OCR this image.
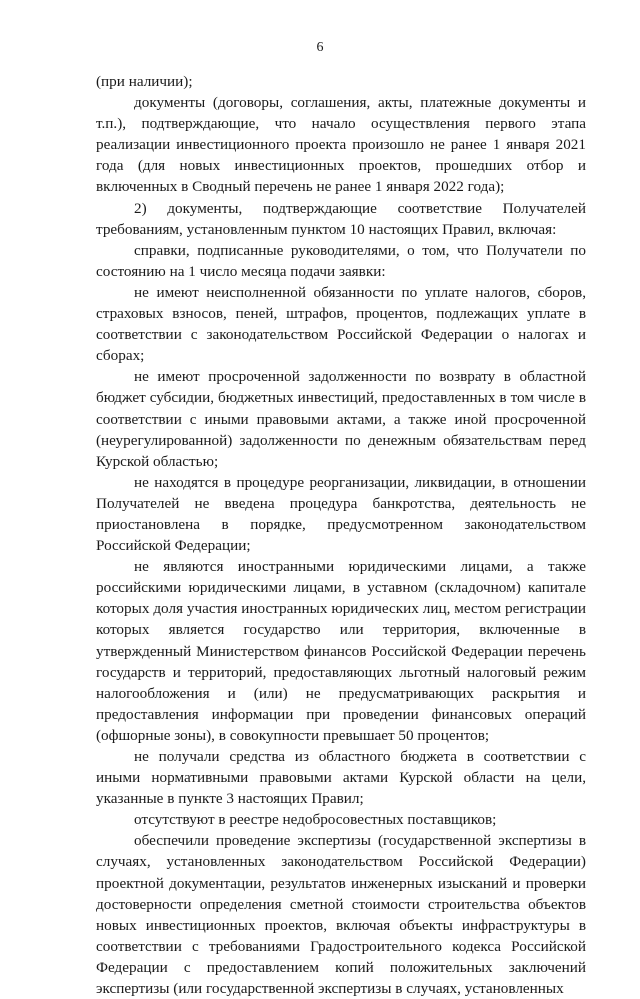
6

(при наличии);

документы (договоры, соглашения, акты, платежные документы и т.п.), подтверждающие, что начало осуществления первого этапа реализации инвестиционного проекта произошло не ранее 1 января 2021 года (для новых инвестиционных проектов, прошедших отбор и включенных в Сводный перечень не ранее 1 января 2022 года);

2) документы, подтверждающие соответствие Получателей требованиям, установленным пунктом 10 настоящих Правил, включая:

справки, подписанные руководителями, о том, что Получатели по состоянию на 1 число месяца подачи заявки:

не имеют неисполненной обязанности по уплате налогов, сборов, страховых взносов, пеней, штрафов, процентов, подлежащих уплате в соответствии с законодательством Российской Федерации о налогах и сборах;

не имеют просроченной задолженности по возврату в областной бюджет субсидии, бюджетных инвестиций, предоставленных в том числе в соответствии с иными правовыми актами, а также иной просроченной (неурегулированной) задолженности по денежным обязательствам перед Курской областью;

не находятся в процедуре реорганизации, ликвидации, в отношении Получателей не введена процедура банкротства, деятельность не приостановлена в порядке, предусмотренном законодательством Российской Федерации;

не являются иностранными юридическими лицами, а также российскими юридическими лицами, в уставном (складочном) капитале которых доля участия иностранных юридических лиц, местом регистрации которых является государство или территория, включенные в утвержденный Министерством финансов Российской Федерации перечень государств и территорий, предоставляющих льготный налоговый режим налогообложения и (или) не предусматривающих раскрытия и предоставления информации при проведении финансовых операций (офшорные зоны), в совокупности превышает 50 процентов;

не получали средства из областного бюджета в соответствии с иными нормативными правовыми актами Курской области на цели, указанные в пункте 3 настоящих Правил;

отсутствуют в реестре недобросовестных поставщиков;

обеспечили проведение экспертизы (государственной экспертизы в случаях, установленных законодательством Российской Федерации) проектной документации, результатов инженерных изысканий и проверки достоверности определения сметной стоимости строительства объектов новых инвестиционных проектов, включая объекты инфраструктуры в соответствии с требованиями Градостроительного кодекса Российской Федерации с предоставлением копий положительных заключений экспертизы (или государственной экспертизы в случаях, установленных
